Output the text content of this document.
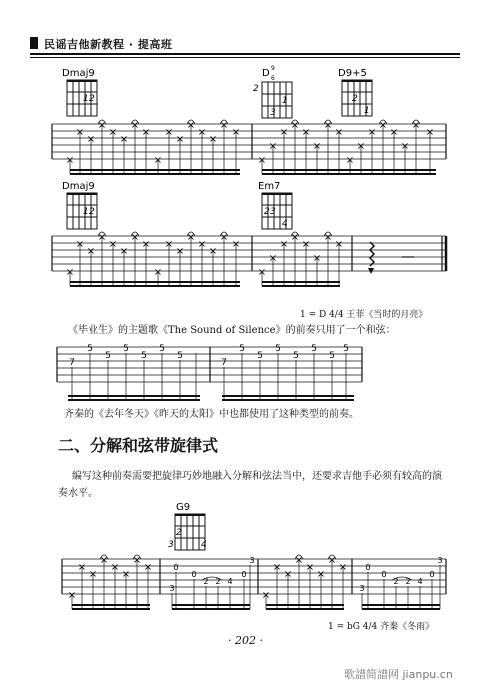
民谣吉他新教程 · 提高班
Dmaj9	D 9
6	D9+5
1 2
2
1
3
2
1
×
×
×
×
×
×
×
×
×
×
×
×
×
×
×
×
×
×
×
×
×
×
×
×
×
×
×
×
×
×
×
×
Dmaj9	Em7
1 2	2 3
4
×
×
×
×
×
×
×
×
×
×
×
×
×
×
×
×
×
×
×
×
×
×
×
×
1 = D 4/4 王菲《当时的月亮》
《毕业生》的主题歌《The Sound of Silence》的前奏只用了一个和弦：
5	5	5
5
7
5	5
5
7
5	5	5
5	5	5
齐秦的《去年冬天》《昨天的太阳》中也都使用了这种类型的前奏。
二、分解和弦带旋律式
编写这种前奏需要把旋律巧妙地融入分解和弦法当中，还要求吉他手必须有较高的演
奏水平。
G9
3	4
2
×
×
×
×
×
×
×
×
×
×
×
×
×
×
×
×
3
0
0
2 2 4
0
3
3
0
0
2 2 4
0
3
1 = bG 4/4 齐秦《冬雨》
· 202 ·
歌譜简譜网 jianpu.cn
